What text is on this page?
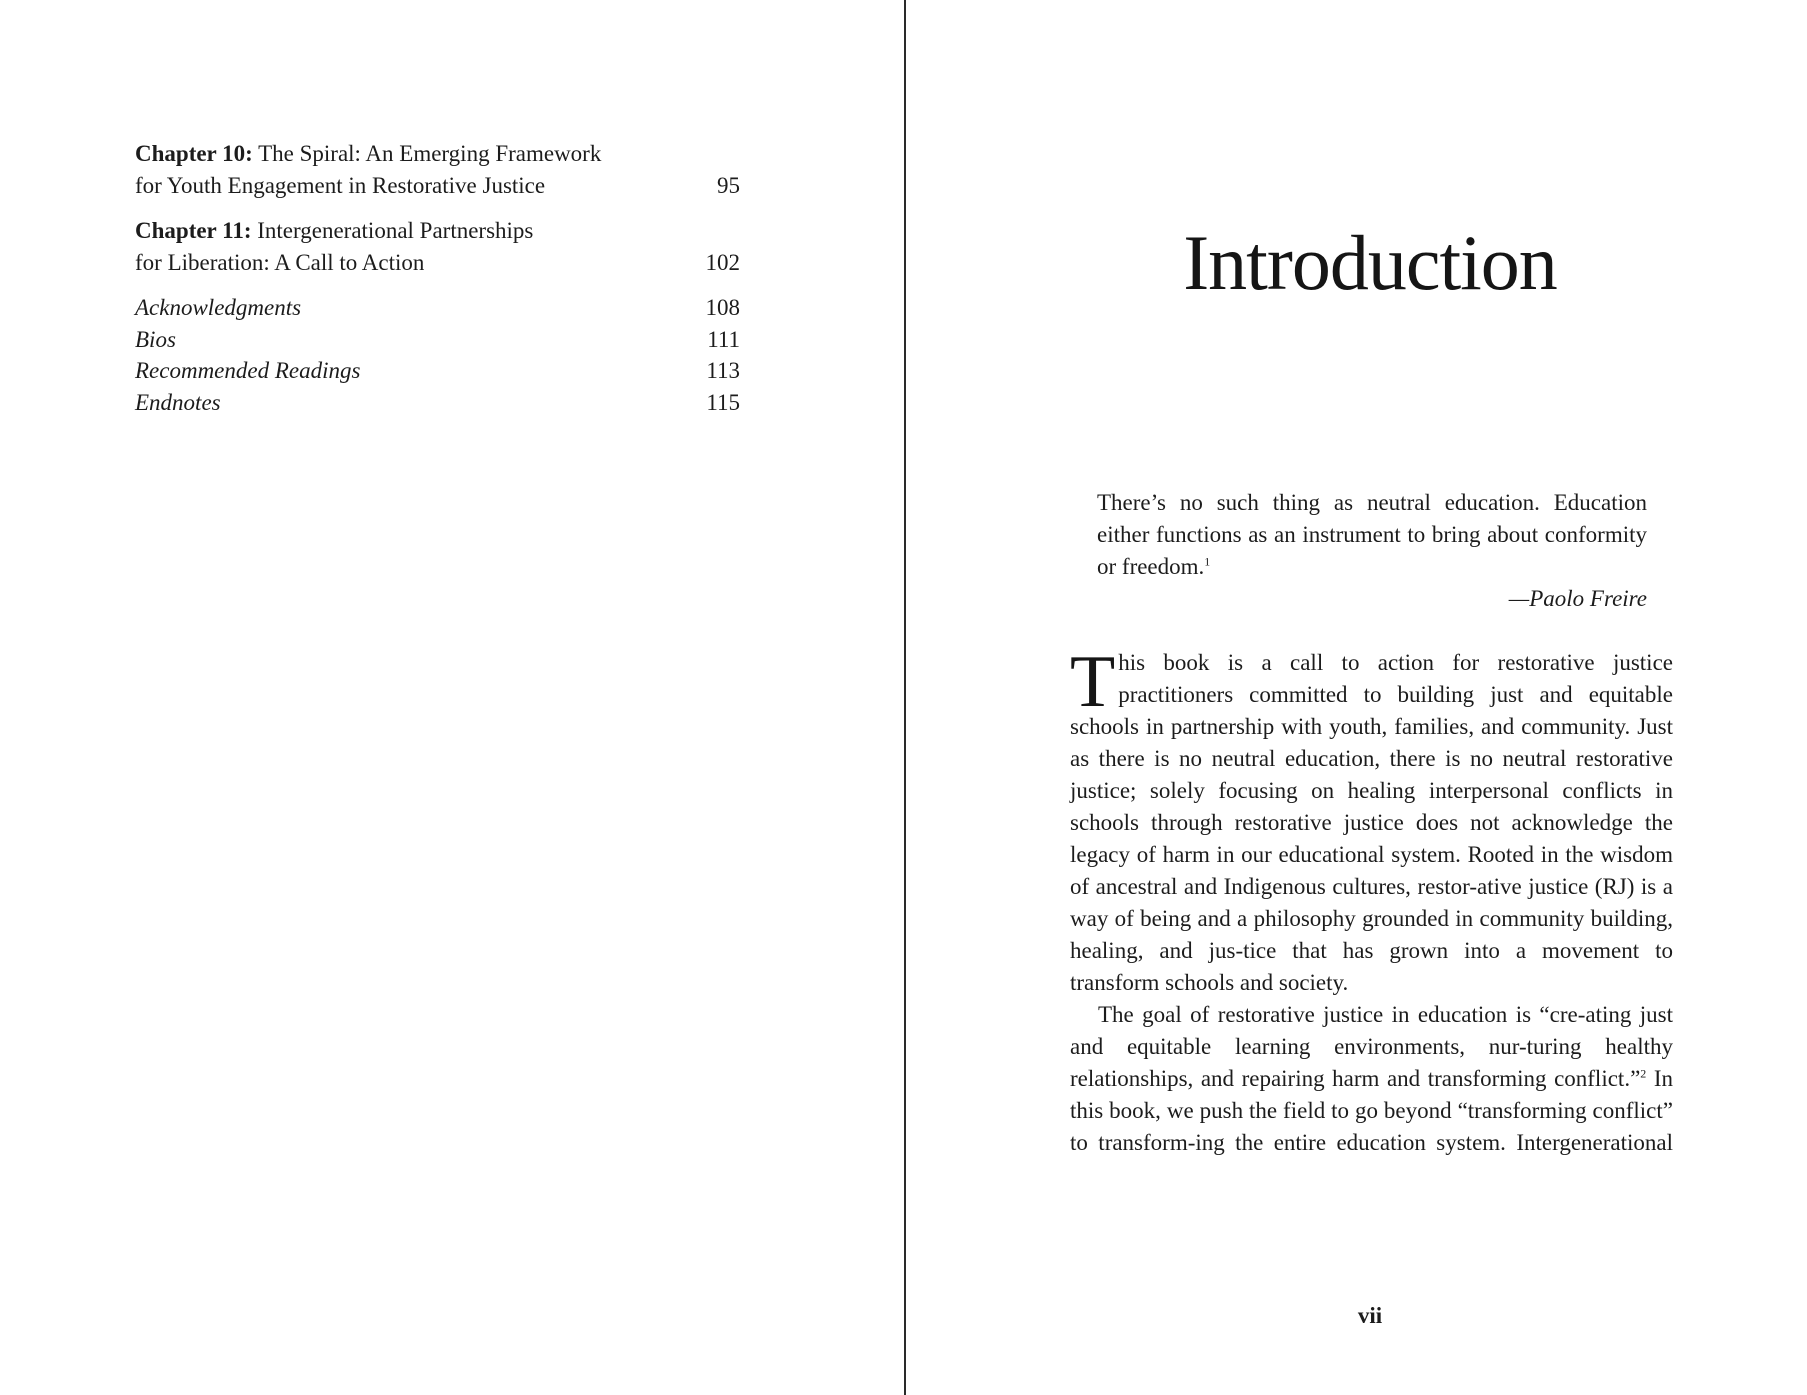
Chapter 10: The Spiral: An Emerging Framework
for Youth Engagement in Restorative Justice	95
Chapter 11: Intergenerational Partnerships
for Liberation: A Call to Action	102
Acknowledgments	108
Bios	111
Recommended Readings	113
Endnotes	115
Introduction
There’s no such thing as neutral education. Education either functions as an instrument to bring about conformity or freedom.$^1$
—Paolo Freire

This book is a call to action for restorative justice practitioners committed to building just and equitable schools in partnership with youth, families, and community. Just as there is no neutral education, there is no neutral restorative justice; solely focusing on healing interpersonal conflicts in schools through restorative justice does not acknowledge the legacy of harm in our educational system. Rooted in the wisdom of ancestral and Indigenous cultures, restor-ative justice (RJ) is a way of being and a philosophy grounded in community building, healing, and jus-tice that has grown into a movement to transform schools and society.

The goal of restorative justice in education is “cre-ating just and equitable learning environments, nur-turing healthy relationships, and repairing harm and transforming conflict.”$^2$ In this book, we push the field to go beyond “transforming conflict” to transform-ing the entire education system. Intergenerational

vii
